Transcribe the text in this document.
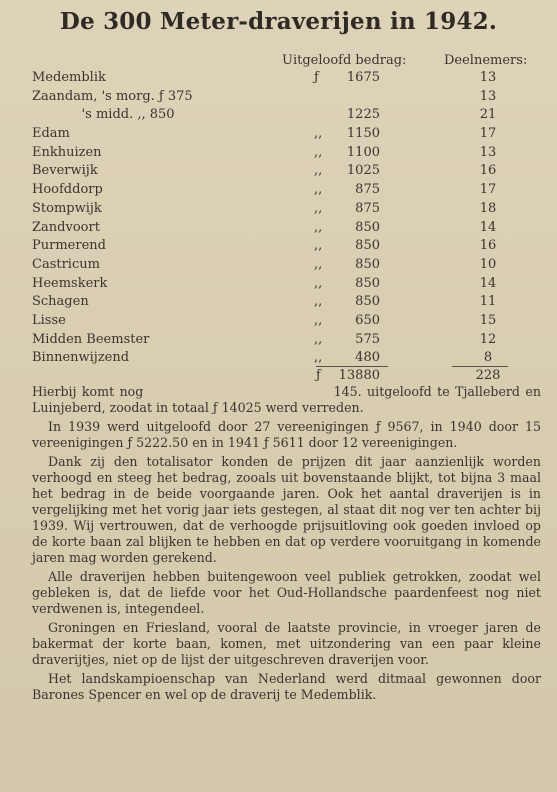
De 300 Meter-draverijen in 1942.
Uitgeloofd bedrag:	Deelnemers:
Medemblik	ƒ	1675	13
Zaandam, 's morg. ƒ 375	13
's midd. ,, 850	1225	21
Edam	,,	1150	17
Enkhuizen	,,	1100	13
Beverwijk	,,	1025	16
Hoofddorp	,,	875	17
Stompwijk	,,	875	18
Zandvoort	,,	850	14
Purmerend	,,	850	16
Castricum	,,	850	10
Heemskerk	,,	850	14
Schagen	,,	850	11
Lisse	,,	650	15
Midden Beemster	,,	575	12
Binnenwijzend	,,	480	8
ƒ	13880	228

Hierbij komt nog                                   145. uitgeloofd te Tjalleberd en Luinjeberd, zoodat in totaal ƒ 14025 werd verreden.

In 1939 werd uitgeloofd door 27 vereenigingen ƒ 9567, in 1940 door 15 vereenigingen ƒ 5222.50 en in 1941 ƒ 5611 door 12 vereenigingen.

Dank zij den totalisator konden de prijzen dit jaar aanzienlijk worden verhoogd en steeg het bedrag, zooals uit bovenstaande blijkt, tot bijna 3 maal het bedrag in de beide voorgaande jaren. Ook het aantal draverijen is in vergelijking met het vorig jaar iets gestegen, al staat dit nog ver ten achter bij 1939. Wij vertrouwen, dat de verhoogde prijsuitloving ook goeden invloed op de korte baan zal blijken te hebben en dat op verdere vooruitgang in komende jaren mag worden gerekend.

Alle draverijen hebben buitengewoon veel publiek getrokken, zoodat wel gebleken is, dat de liefde voor het Oud-Hollandsche paardenfeest nog niet verdwenen is, integendeel.

Groningen en Friesland, vooral de laatste provincie, in vroeger jaren de bakermat der korte baan, komen, met uitzondering van een paar kleine draverijtjes, niet op de lijst der uitgeschreven draverijen voor.

Het landskampioenschap van Nederland werd ditmaal gewonnen door Barones Spencer en wel op de draverij te Medemblik.
